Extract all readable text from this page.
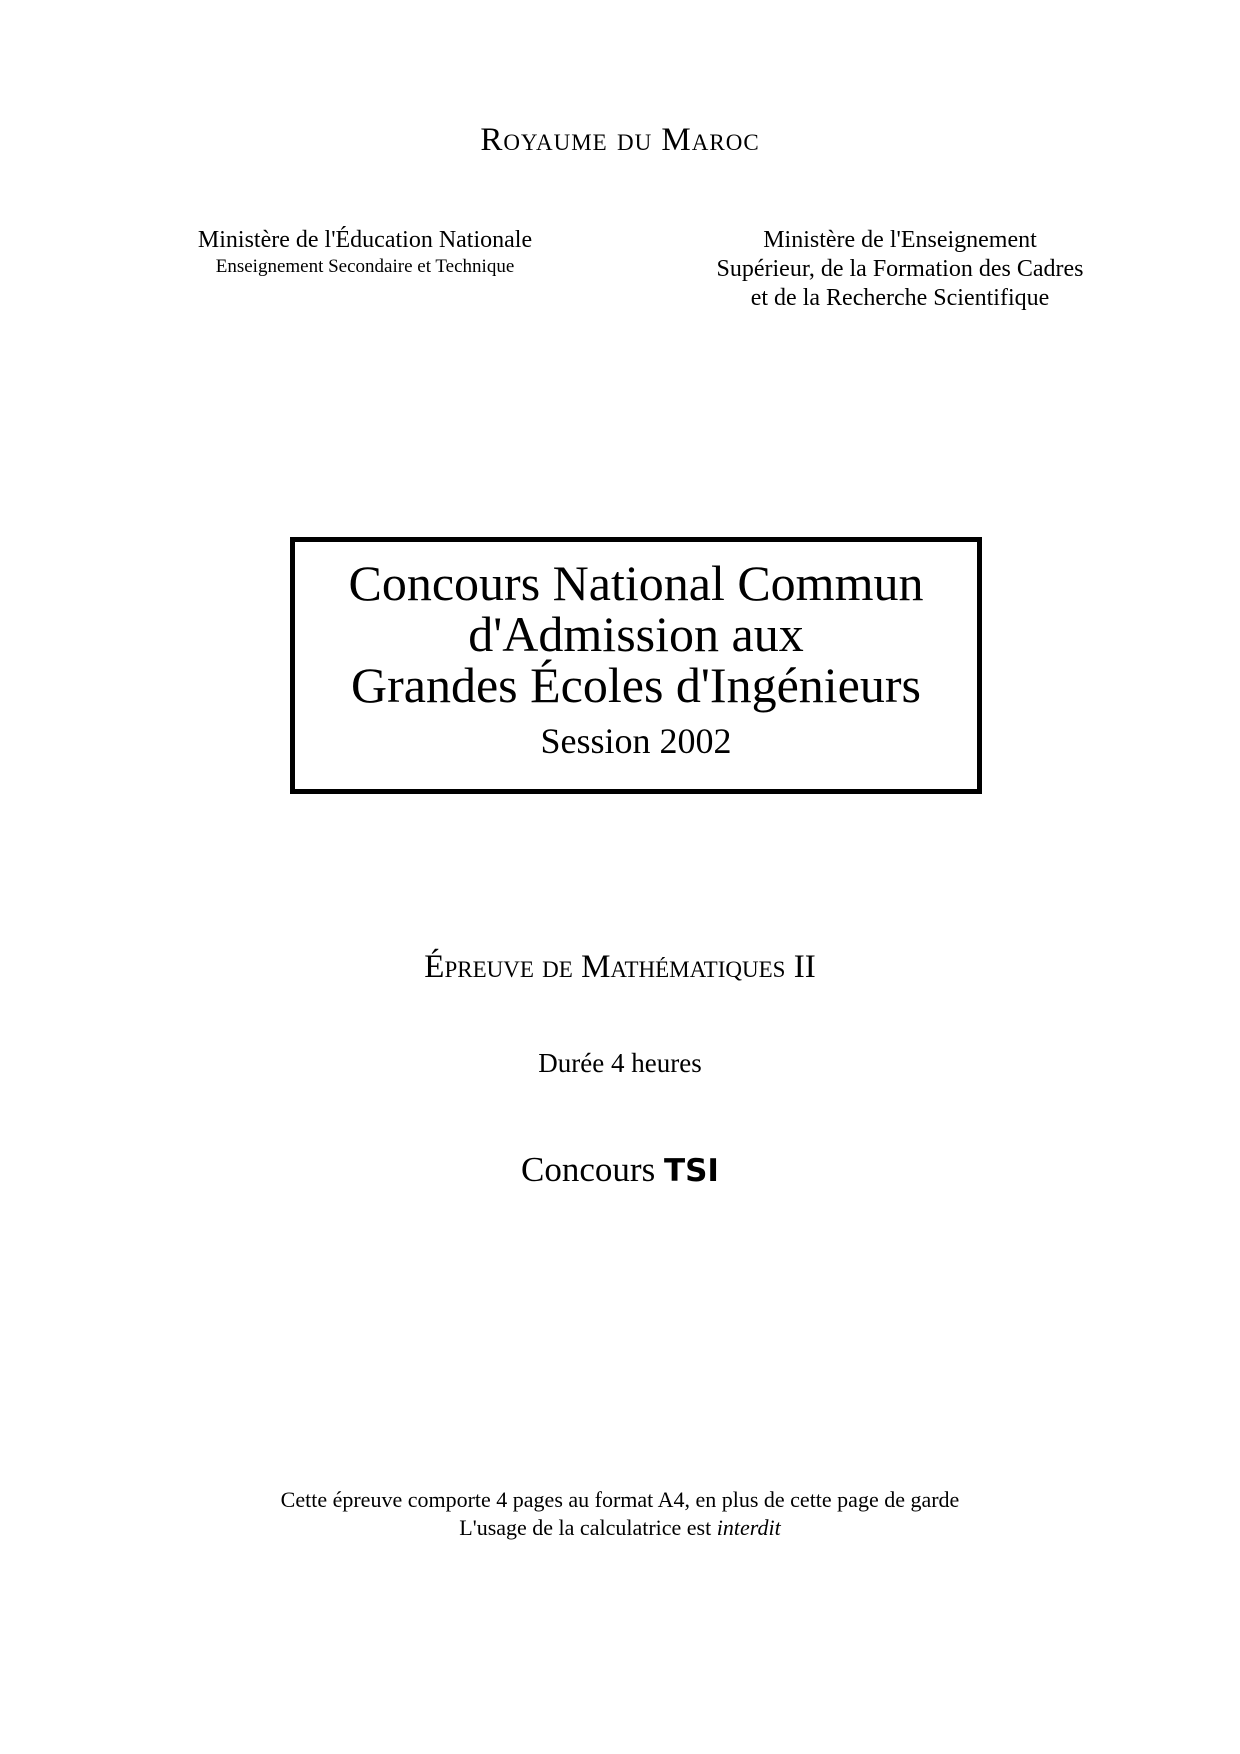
Royaume du Maroc
Ministère de l'Éducation Nationale
Enseignement Secondaire et Technique
Ministère de l'Enseignement
Supérieur, de la Formation des Cadres
et de la Recherche Scientifique
Concours National Commun
d'Admission aux
Grandes Écoles d'Ingénieurs
Session 2002
Épreuve de Mathématiques II
Durée 4 heures
Concours TSI
Cette épreuve comporte 4 pages au format A4, en plus de cette page de garde
L'usage de la calculatrice est interdit
